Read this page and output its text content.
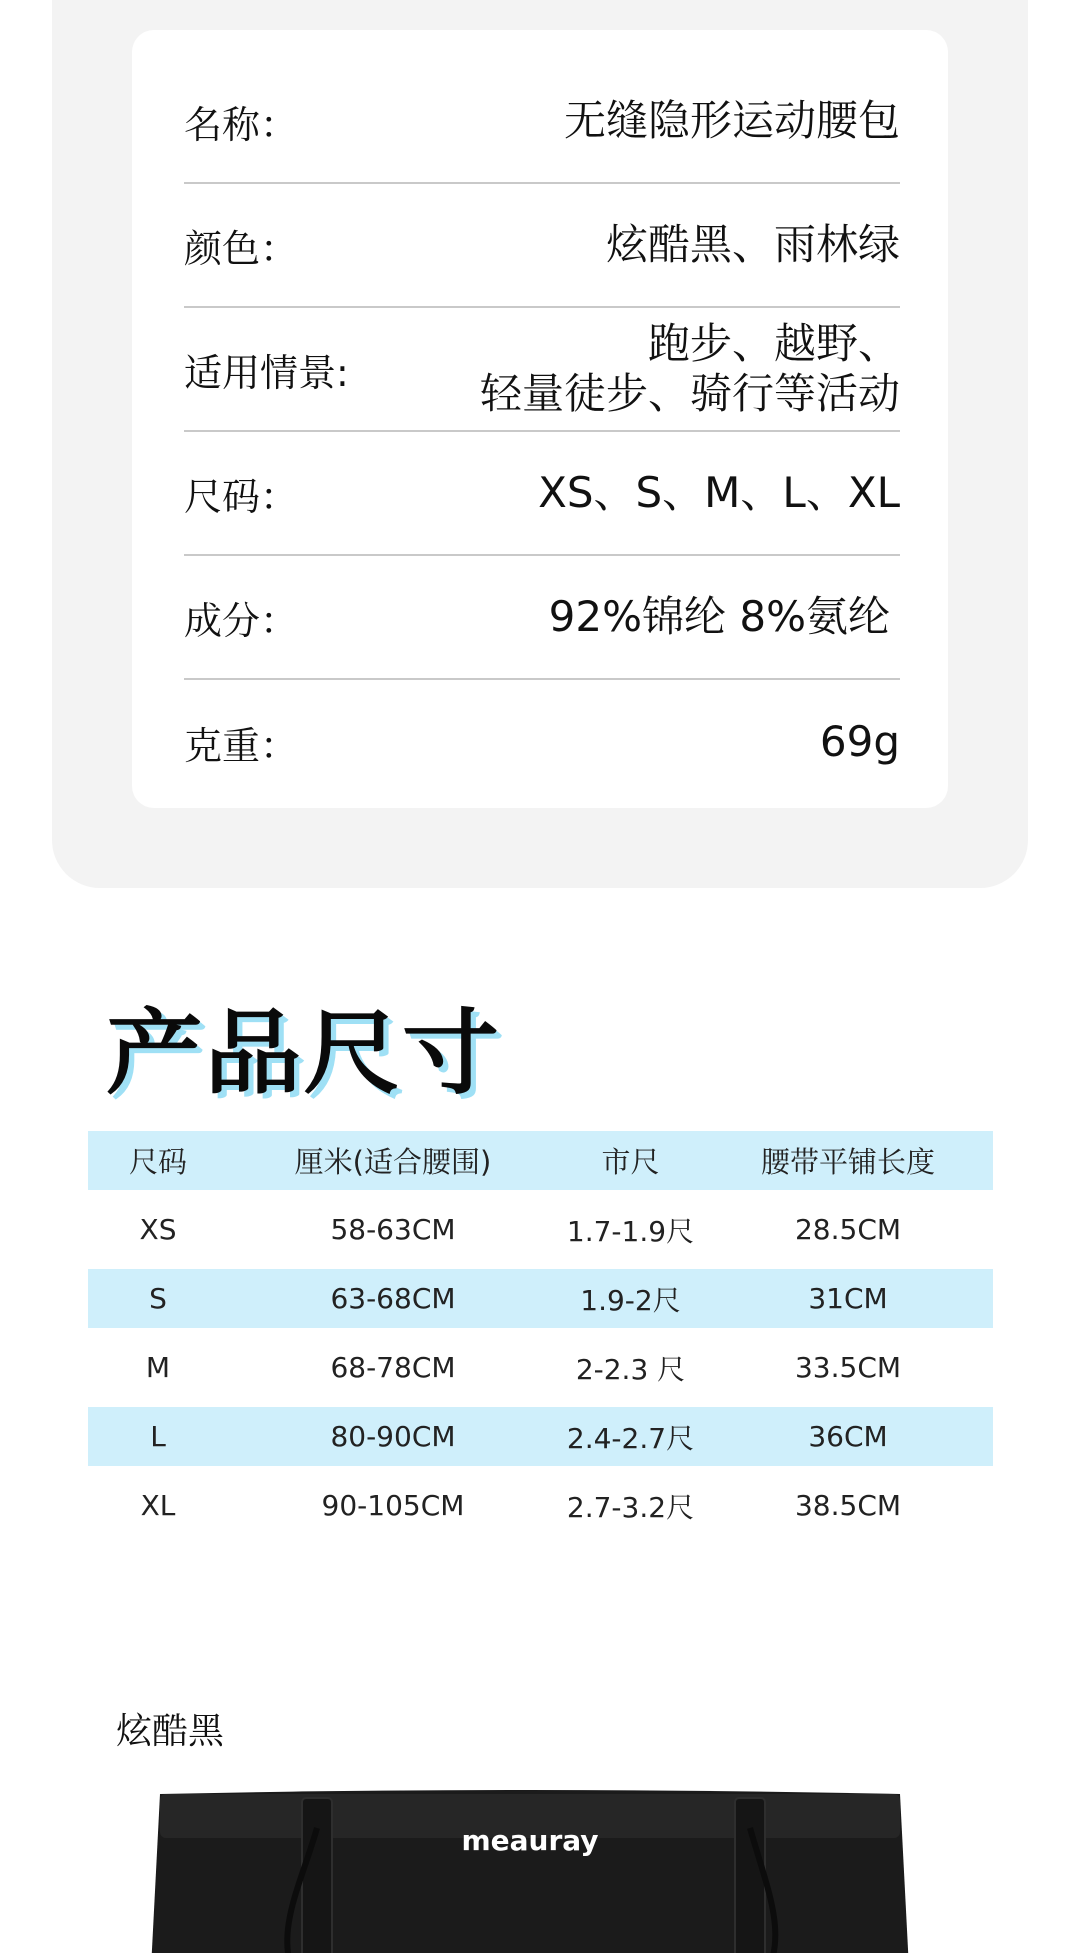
名称：	无缝隐形运动腰包
颜色：	炫酷黑、雨林绿
适用情景:
跑步、越野、
轻量徒步、骑行等活动
尺码：	XS、S、M、L、XL
成分：	92%锦纶 8%氨纶
克重：	69g
产品尺寸
尺码	厘米(适合腰围)	市尺	腰带平铺长度
XS	58-63CM	1.7-1.9尺	28.5CM
S	63-68CM	1.9-2尺	31CM
M	68-78CM	2-2.3 尺	33.5CM
L	80-90CM	2.4-2.7尺	36CM
XL	90-105CM	2.7-3.2尺	38.5CM
炫酷黑
meauray
